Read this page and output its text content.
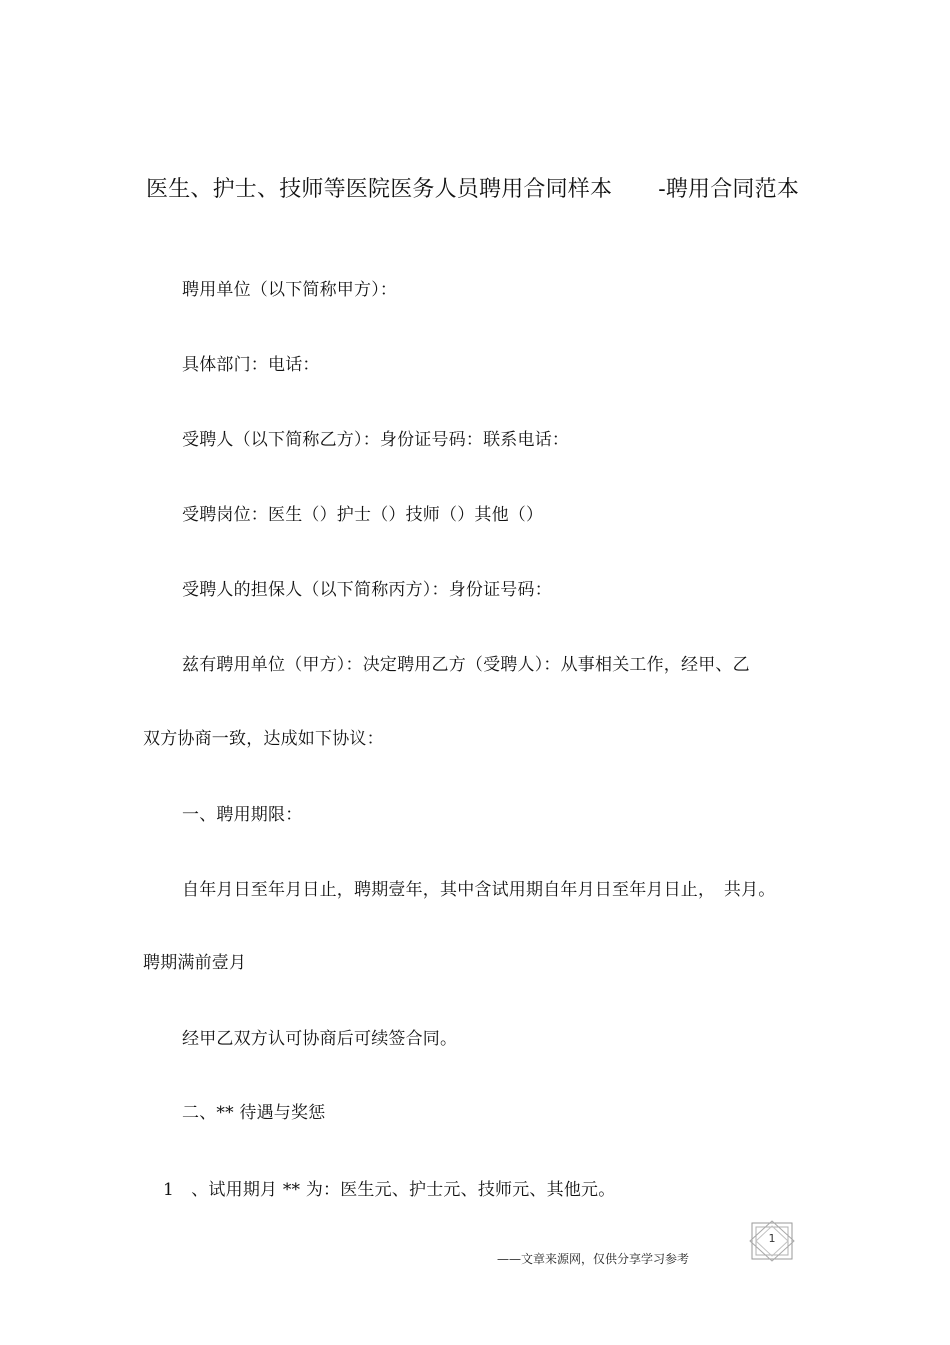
医生、护士、技师等医院医务人员聘用合同样本 -聘用合同范本
聘用单位（以下简称甲方）：
具体部门：电话：
受聘人（以下简称乙方）：身份证号码：联系电话：
受聘岗位：医生（）护士（）技师（）其他（）
受聘人的担保人（以下简称丙方）：身份证号码：
兹有聘用单位（甲方）：决定聘用乙方（受聘人）：从事相关工作，经甲、乙
双方协商一致，达成如下协议：
一、聘用期限：
自年月日至年月日止，聘期壹年，其中含试用期自年月日至年月日止，　共月。
聘期满前壹月
经甲乙双方认可协商后可续签合同。
二、** 待遇与奖惩
1　、试用期月 ** 为：医生元、护士元、技师元、其他元。
——文章来源网，仅供分享学习参考
1
